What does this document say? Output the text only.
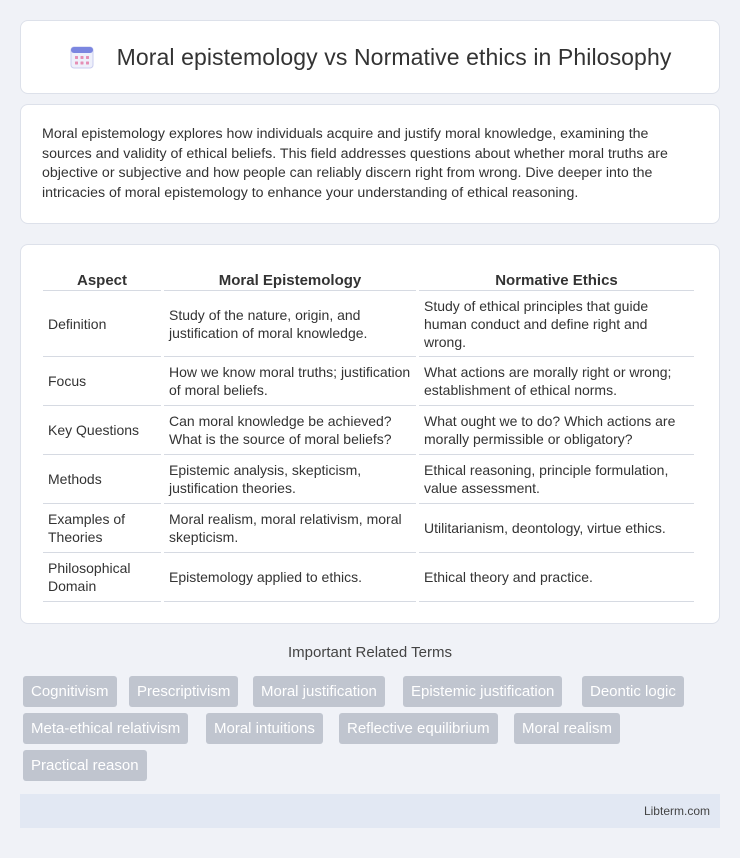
Moral epistemology vs Normative ethics in Philosophy

Moral epistemology explores how individuals acquire and justify moral knowledge, examining the sources and validity of ethical beliefs. This field addresses questions about whether moral truths are objective or subjective and how people can reliably discern right from wrong. Dive deeper into the intricacies of moral epistemology to enhance your understanding of ethical reasoning.

Aspect	Moral Epistemology	Normative Ethics
Definition	Study of the nature, origin, and justification of moral knowledge.	Study of ethical principles that guide human conduct and define right and wrong.
Focus	How we know moral truths; justification of moral beliefs.	What actions are morally right or wrong; establishment of ethical norms.
Key Questions	Can moral knowledge be achieved? What is the source of moral beliefs?	What ought we to do? Which actions are morally permissible or obligatory?
Methods	Epistemic analysis, skepticism, justification theories.	Ethical reasoning, principle formulation, value assessment.
Examples of Theories	Moral realism, moral relativism, moral skepticism.	Utilitarianism, deontology, virtue ethics.
Philosophical Domain	Epistemology applied to ethics.	Ethical theory and practice.
Important Related Terms
Cognitivism	Prescriptivism	Moral justification	Epistemic justification	Deontic logic
Meta-ethical relativism	Moral intuitions	Reflective equilibrium	Moral realism
Practical reason
Libterm.com
